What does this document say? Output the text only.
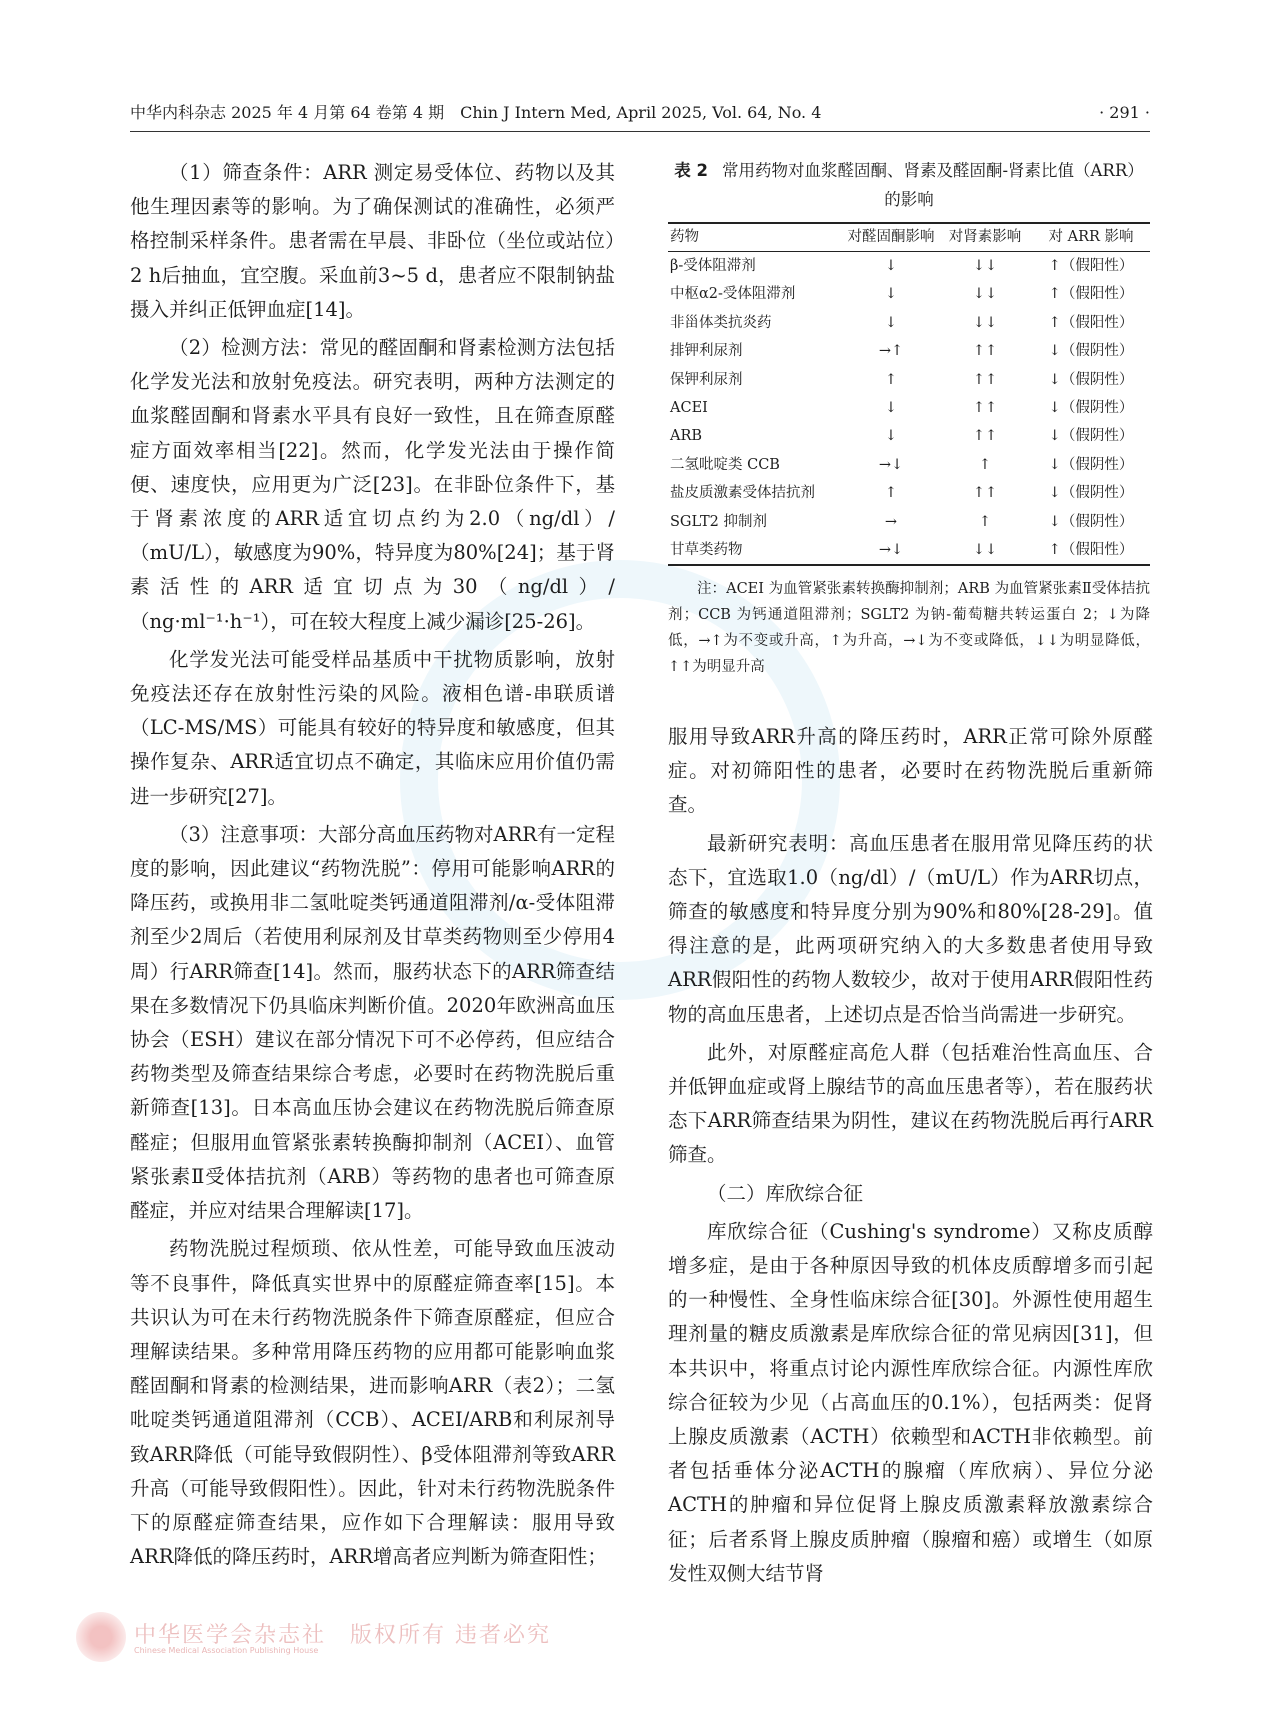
中华内科杂志 2025 年 4 月第 64 卷第 4 期　Chin J Intern Med, April 2025, Vol. 64, No. 4	· 291 ·

（1）筛查条件：ARR 测定易受体位、药物以及其他生理因素等的影响。为了确保测试的准确性，必须严格控制采样条件。患者需在早晨、非卧位（坐位或站位）2 h后抽血，宜空腹。采血前3~5 d，患者应不限制钠盐摄入并纠正低钾血症[14]。

（2）检测方法：常见的醛固酮和肾素检测方法包括化学发光法和放射免疫法。研究表明，两种方法测定的血浆醛固酮和肾素水平具有良好一致性，且在筛查原醛症方面效率相当[22]。然而，化学发光法由于操作简便、速度快，应用更为广泛[23]。在非卧位条件下，基于肾素浓度的ARR适宜切点约为2.0（ng/dl）/（mU/L），敏感度为90%，特异度为80%[24]；基于肾素活性的ARR适宜切点为30（ng/dl）/（ng·ml⁻¹·h⁻¹），可在较大程度上减少漏诊[25-26]。

化学发光法可能受样品基质中干扰物质影响，放射免疫法还存在放射性污染的风险。液相色谱-串联质谱（LC-MS/MS）可能具有较好的特异度和敏感度，但其操作复杂、ARR适宜切点不确定，其临床应用价值仍需进一步研究[27]。

（3）注意事项：大部分高血压药物对ARR有一定程度的影响，因此建议“药物洗脱”：停用可能影响ARR的降压药，或换用非二氢吡啶类钙通道阻滞剂/α-受体阻滞剂至少2周后（若使用利尿剂及甘草类药物则至少停用4周）行ARR筛查[14]。然而，服药状态下的ARR筛查结果在多数情况下仍具临床判断价值。2020年欧洲高血压协会（ESH）建议在部分情况下可不必停药，但应结合药物类型及筛查结果综合考虑，必要时在药物洗脱后重新筛查[13]。日本高血压协会建议在药物洗脱后筛查原醛症；但服用血管紧张素转换酶抑制剂（ACEI）、血管紧张素Ⅱ受体拮抗剂（ARB）等药物的患者也可筛查原醛症，并应对结果合理解读[17]。

药物洗脱过程烦琐、依从性差，可能导致血压波动等不良事件，降低真实世界中的原醛症筛查率[15]。本共识认为可在未行药物洗脱条件下筛查原醛症，但应合理解读结果。多种常用降压药物的应用都可能影响血浆醛固酮和肾素的检测结果，进而影响ARR（表2）；二氢吡啶类钙通道阻滞剂（CCB）、ACEI/ARB和利尿剂导致ARR降低（可能导致假阴性）、β受体阻滞剂等致ARR升高（可能导致假阳性）。因此，针对未行药物洗脱条件下的原醛症筛查结果，应作如下合理解读：服用导致ARR降低的降压药时，ARR增高者应判断为筛查阳性；

表 2 常用药物对血浆醛固酮、肾素及醛固酮-肾素比值（ARR）的影响

药物	对醛固酮影响	对肾素影响	对 ARR 影响
β-受体阻滞剂	↓	↓↓	↑（假阳性）
中枢α2-受体阻滞剂	↓	↓↓	↑（假阳性）
非甾体类抗炎药	↓	↓↓	↑（假阳性）
排钾利尿剂	→↑	↑↑	↓（假阴性）
保钾利尿剂	↑	↑↑	↓（假阴性）
ACEI	↓	↑↑	↓（假阴性）
ARB	↓	↑↑	↓（假阴性）
二氢吡啶类 CCB	→↓	↑	↓（假阴性）
盐皮质激素受体拮抗剂	↑	↑↑	↓（假阴性）
SGLT2 抑制剂	→	↑	↓（假阴性）
甘草类药物	→↓	↓↓	↑（假阳性）

注：ACEI 为血管紧张素转换酶抑制剂；ARB 为血管紧张素Ⅱ受体拮抗剂；CCB 为钙通道阻滞剂；SGLT2 为钠-葡萄糖共转运蛋白 2；↓为降低，→↑为不变或升高，↑为升高，→↓为不变或降低，↓↓为明显降低，↑↑为明显升高

服用导致ARR升高的降压药时，ARR正常可除外原醛症。对初筛阳性的患者，必要时在药物洗脱后重新筛查。

最新研究表明：高血压患者在服用常见降压药的状态下，宜选取1.0（ng/dl）/（mU/L）作为ARR切点，筛查的敏感度和特异度分别为90%和80%[28-29]。值得注意的是，此两项研究纳入的大多数患者使用导致ARR假阳性的药物人数较少，故对于使用ARR假阳性药物的高血压患者，上述切点是否恰当尚需进一步研究。

此外，对原醛症高危人群（包括难治性高血压、合并低钾血症或肾上腺结节的高血压患者等），若在服药状态下ARR筛查结果为阴性，建议在药物洗脱后再行ARR筛查。

（二）库欣综合征

库欣综合征（Cushing's syndrome）又称皮质醇增多症，是由于各种原因导致的机体皮质醇增多而引起的一种慢性、全身性临床综合征[30]。外源性使用超生理剂量的糖皮质激素是库欣综合征的常见病因[31]，但本共识中，将重点讨论内源性库欣综合征。内源性库欣综合征较为少见（占高血压的0.1%），包括两类：促肾上腺皮质激素（ACTH）依赖型和ACTH非依赖型。前者包括垂体分泌ACTH的腺瘤（库欣病）、异位分泌ACTH的肿瘤和异位促肾上腺皮质激素释放激素综合征；后者系肾上腺皮质肿瘤（腺瘤和癌）或增生（如原发性双侧大结节肾

中华医学会杂志社　 版权所有 违者必究
Chinese Medical Association Publishing House
